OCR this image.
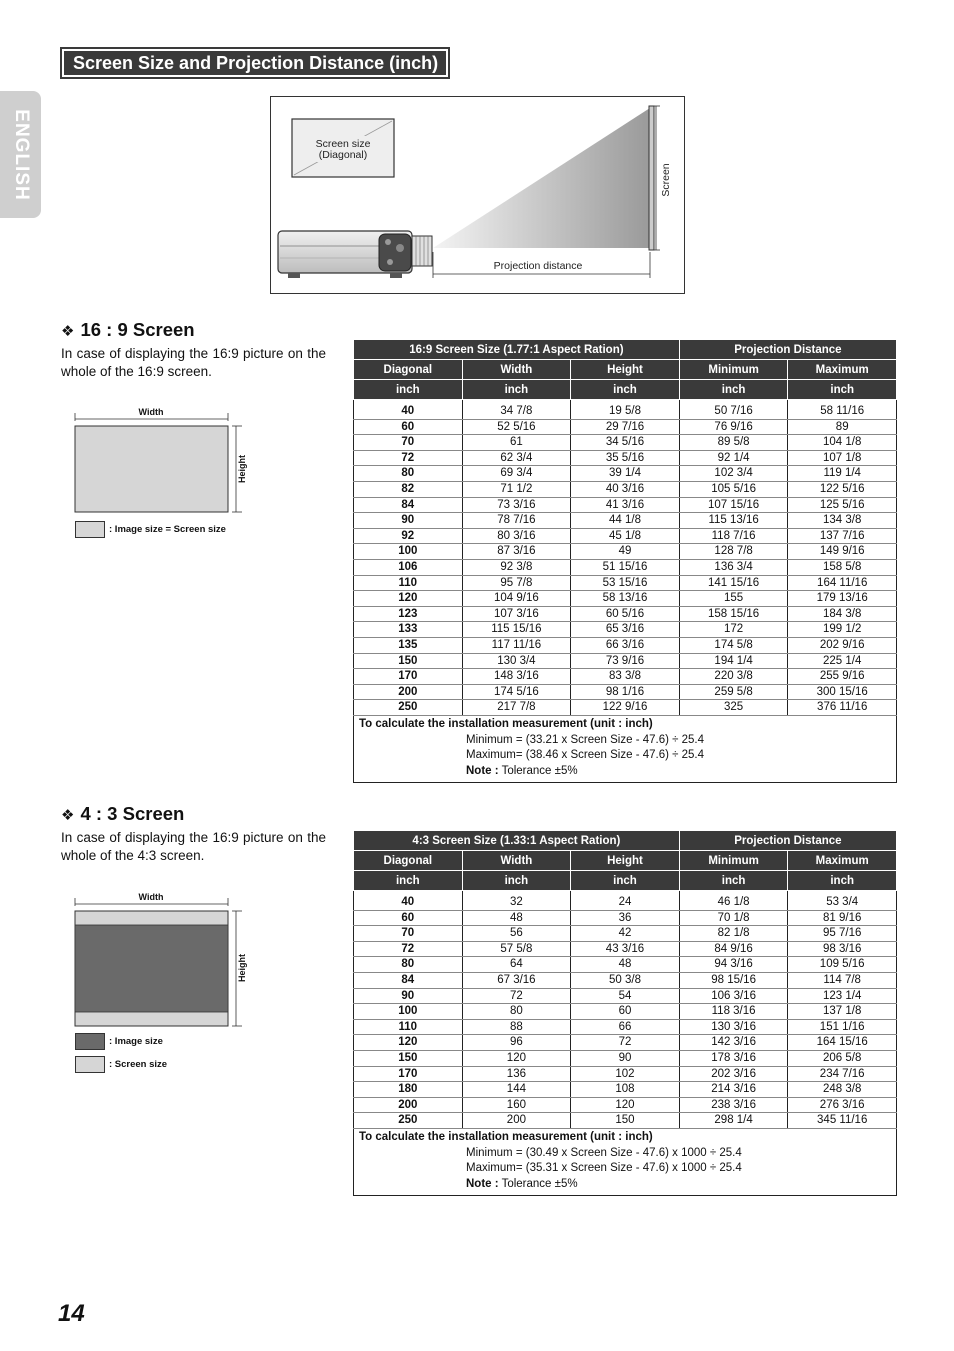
ENGLISH
Screen Size and Projection Distance (inch)
Screen size
(Diagonal)
Screen
Projection distance
❖ 16 : 9 Screen
In case of displaying the 16:9 picture on the whole of the 16:9 screen.
Width
Height
: Image size = Screen size
16:9 Screen Size (1.77:1 Aspect Ration)			Projection Distance	
Diagonal	Width	Height	Minimum	Maximum
inch	inch	inch	inch	inch

40	34 7/8	19 5/8	50 7/16	58 11/16
60	52 5/16	29 7/16	76 9/16	89
70	61	34 5/16	89 5/8	104 1/8
72	62 3/4	35 5/16	92 1/4	107 1/8
80	69 3/4	39 1/4	102 3/4	119 1/4
82	71 1/2	40 3/16	105 5/16	122 5/16
84	73 3/16	41 3/16	107 15/16	125 5/16
90	78 7/16	44 1/8	115 13/16	134 3/8
92	80 3/16	45 1/8	118 7/16	137 7/16
100	87 3/16	49	128 7/8	149 9/16
106	92 3/8	51 15/16	136 3/4	158 5/8
110	95 7/8	53 15/16	141 15/16	164 11/16
120	104 9/16	58 13/16	155	179 13/16
123	107 3/16	60 5/16	158 15/16	184 3/8
133	115 15/16	65 3/16	172	199 1/2
135	117 11/16	66 3/16	174 5/8	202 9/16
150	130 3/4	73 9/16	194 1/4	225 1/4
170	148 3/16	83 3/8	220 3/8	255 9/16
200	174 5/16	98 1/16	259 5/8	300 15/16
250	217 7/8	122 9/16	325	376 11/16

To calculate the installation measurement (unit : inch)
Minimum = (33.21 x Screen Size - 47.6) ÷ 25.4
Maximum= (38.46 x Screen Size - 47.6) ÷ 25.4
Note : Tolerance ±5%				
❖ 4 : 3 Screen
In case of displaying the 16:9 picture on the whole of the 4:3 screen.
Width
Height
: Image size
: Screen size
4:3 Screen Size (1.33:1 Aspect Ration)			Projection Distance	
Diagonal	Width	Height	Minimum	Maximum
inch	inch	inch	inch	inch

40	32	24	46 1/8	53 3/4
60	48	36	70 1/8	81 9/16
70	56	42	82 1/8	95 7/16
72	57 5/8	43 3/16	84 9/16	98 3/16
80	64	48	94 3/16	109 5/16
84	67 3/16	50 3/8	98 15/16	114 7/8
90	72	54	106 3/16	123 1/4
100	80	60	118 3/16	137 1/8
110	88	66	130 3/16	151 1/16
120	96	72	142 3/16	164 15/16
150	120	90	178 3/16	206 5/8
170	136	102	202 3/16	234 7/16
180	144	108	214 3/16	248 3/8
200	160	120	238 3/16	276 3/16
250	200	150	298 1/4	345 11/16

To calculate the installation measurement (unit : inch)
Minimum = (30.49 x Screen Size - 47.6) x 1000 ÷ 25.4
Maximum= (35.31 x Screen Size - 47.6) x 1000 ÷ 25.4
Note : Tolerance ±5%				
14
